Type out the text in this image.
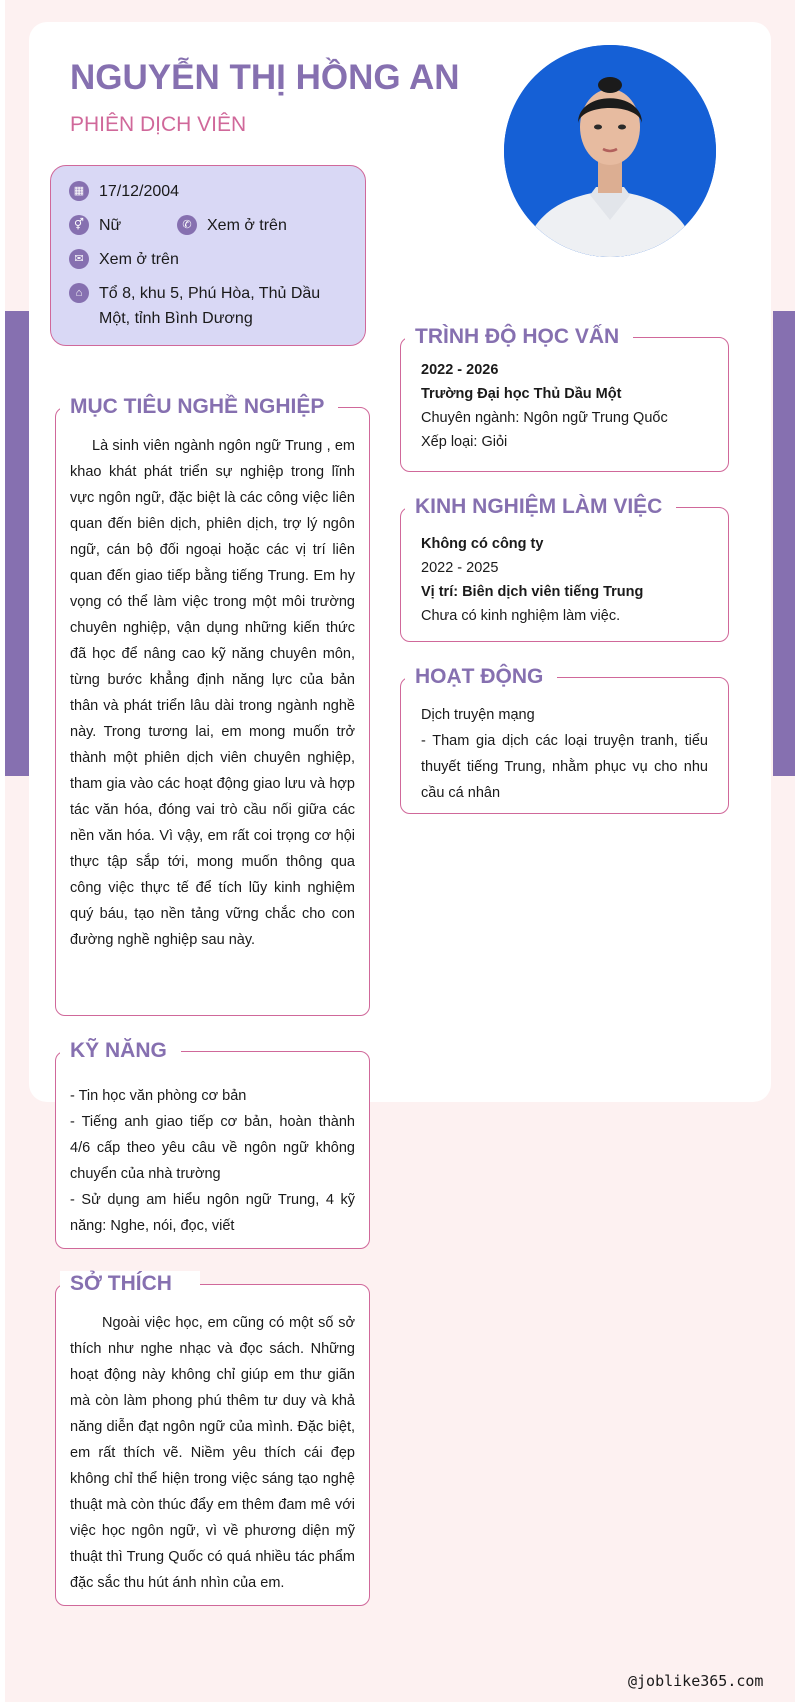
NGUYỄN THỊ HỒNG AN
PHIÊN DỊCH VIÊN
▦ 17/12/2004
⚥ Nữ	✆ Xem ở trên
✉ Xem ở trên
⌂	Tổ 8, khu 5, Phú Hòa, Thủ Dầu Một, tỉnh Bình Dương
Là sinh viên ngành ngôn ngữ Trung , em khao khát phát triển sự nghiệp trong lĩnh vực ngôn ngữ, đặc biệt là các công việc liên quan đến biên dịch, phiên dịch, trợ lý ngôn ngữ, cán bộ đối ngoại hoặc các vị trí liên quan đến giao tiếp bằng tiếng Trung. Em hy vọng có thể làm việc trong một môi trường chuyên nghiệp, vận dụng những kiến thức đã học để nâng cao kỹ năng chuyên môn, từng bước khẳng định năng lực của bản thân và phát triển lâu dài trong ngành nghề này. Trong tương lai, em mong muốn trở thành một phiên dịch viên chuyên nghiệp, tham gia vào các hoạt động giao lưu và hợp tác văn hóa, đóng vai trò cầu nối giữa các nền văn hóa. Vì vậy, em rất coi trọng cơ hội thực tập sắp tới, mong muốn thông qua công việc thực tế để tích lũy kinh nghiệm quý báu, tạo nền tảng vững chắc cho con đường nghề nghiệp sau này.
MỤC TIÊU NGHỀ NGHIỆP
- Tin học văn phòng cơ bản
- Tiếng anh giao tiếp cơ bản, hoàn thành 4/6 cấp theo yêu câu về ngôn ngữ không chuyển của nhà trường
- Sử dụng am hiểu ngôn ngữ Trung, 4 kỹ năng: Nghe, nói, đọc, viết
KỸ NĂNG
Ngoài việc học, em cũng có một số sở thích như nghe nhạc và đọc sách. Những hoạt động này không chỉ giúp em thư giãn mà còn làm phong phú thêm tư duy và khả năng diễn đạt ngôn ngữ của mình. Đặc biệt, em rất thích vẽ. Niềm yêu thích cái đẹp không chỉ thể hiện trong việc sáng tạo nghệ thuật mà còn thúc đẩy em thêm đam mê với việc học ngôn ngữ, vì về phương diện mỹ thuật thì Trung Quốc có quá nhiều tác phẩm đặc sắc thu hút ánh nhìn của em.
SỞ THÍCH
2022 - 2026
Trường Đại học Thủ Dầu Một
Chuyên ngành: Ngôn ngữ Trung Quốc
Xếp loại: Giỏi
TRÌNH ĐỘ HỌC VẤN
Không có công ty
2022 - 2025
Vị trí: Biên dịch viên tiếng Trung
Chưa có kinh nghiệm làm việc.
KINH NGHIỆM LÀM VIỆC
Dịch truyện mạng
- Tham gia dịch các loại truyện tranh, tiểu thuyết tiếng Trung, nhằm phục vụ cho nhu cầu cá nhân
HOẠT ĐỘNG
@joblike365.com
